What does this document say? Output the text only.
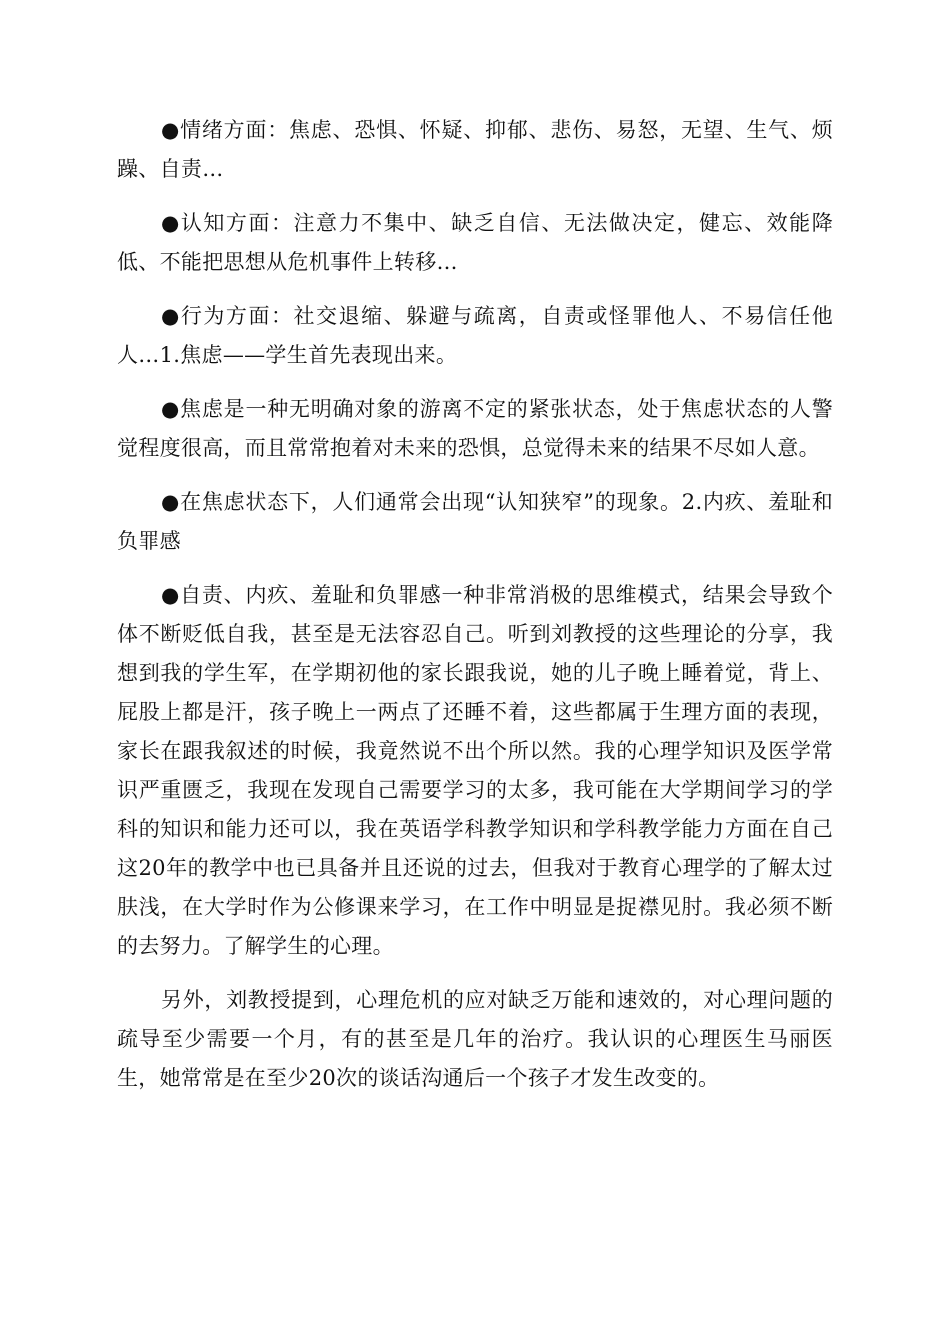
●情绪方面：焦虑、恐惧、怀疑、抑郁、悲伤、易怒，无望、生气、烦躁、自责…

●认知方面：注意力不集中、缺乏自信、无法做决定，健忘、效能降低、不能把思想从危机事件上转移…

●行为方面：社交退缩、躲避与疏离，自责或怪罪他人、不易信任他人…1.焦虑——学生首先表现出来。

●焦虑是一种无明确对象的游离不定的紧张状态，处于焦虑状态的人警觉程度很高，而且常常抱着对未来的恐惧，总觉得未来的结果不尽如人意。

●在焦虑状态下，人们通常会出现“认知狭窄”的现象。2.内疚、羞耻和负罪感

●自责、内疚、羞耻和负罪感一种非常消极的思维模式，结果会导致个体不断贬低自我，甚至是无法容忍自己。听到刘教授的这些理论的分享，我想到我的学生军，在学期初他的家长跟我说，她的儿子晚上睡着觉，背上、屁股上都是汗，孩子晚上一两点了还睡不着，这些都属于生理方面的表现，家长在跟我叙述的时候，我竟然说不出个所以然。我的心理学知识及医学常识严重匮乏，我现在发现自己需要学习的太多，我可能在大学期间学习的学科的知识和能力还可以，我在英语学科教学知识和学科教学能力方面在自己这20年的教学中也已具备并且还说的过去，但我对于教育心理学的了解太过肤浅，在大学时作为公修课来学习，在工作中明显是捉襟见肘。我必须不断的去努力。了解学生的心理。

另外，刘教授提到，心理危机的应对缺乏万能和速效的，对心理问题的疏导至少需要一个月，有的甚至是几年的治疗。我认识的心理医生马丽医生，她常常是在至少20次的谈话沟通后一个孩子才发生改变的。
